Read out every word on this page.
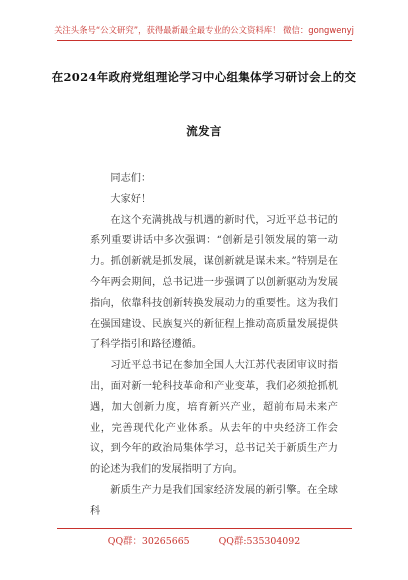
关注头条号“公文研究”，获得最新最全最专业的公文资料库！ 微信：gongwenyj
在2024年政府党组理论学习中心组集体学习研讨会上的交
流发言

同志们：

大家好！

在这个充满挑战与机遇的新时代，习近平总书记的系列重要讲话中多次强调：“创新是引领发展的第一动力。抓创新就是抓发展，谋创新就是谋未来。”特别是在今年两会期间，总书记进一步强调了以创新驱动为发展指向，依靠科技创新转换发展动力的重要性。这为我们在强国建设、民族复兴的新征程上推动高质量发展提供了科学指引和路径遵循。

习近平总书记在参加全国人大江苏代表团审议时指出，面对新一轮科技革命和产业变革，我们必须抢抓机遇，加大创新力度，培育新兴产业，超前布局未来产业，完善现代化产业体系。从去年的中央经济工作会议，到今年的政治局集体学习，总书记关于新质生产力的论述为我们的发展指明了方向。

新质生产力是我们国家经济发展的新引擎。在全球科

QQ群：30265665	QQ群:535304092
